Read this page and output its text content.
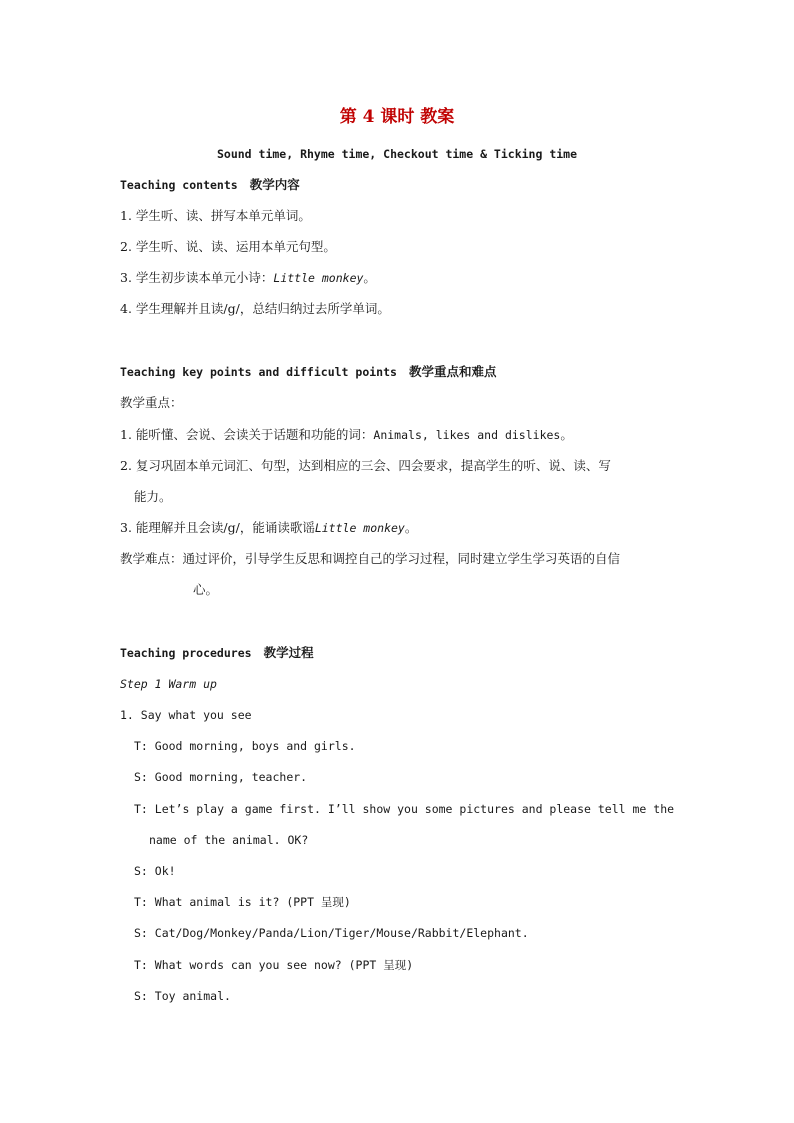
第 4 课时 教案
Sound time, Rhyme time, Checkout time & Ticking time
Teaching contents 教学内容
1. 学生听、读、拼写本单元单词。
2. 学生听、说、读、运用本单元句型。
3. 学生初步读本单元小诗：Little monkey。
4. 学生理解并且读/g/，总结归纳过去所学单词。
Teaching key points and difficult points 教学重点和难点
教学重点：
1. 能听懂、会说、会读关于话题和功能的词：Animals, likes and dislikes。
2. 复习巩固本单元词汇、句型，达到相应的三会、四会要求，提高学生的听、说、读、写
能力。
3. 能理解并且会读/g/，能诵读歌谣Little monkey。
教学难点：通过评价，引导学生反思和调控自己的学习过程，同时建立学生学习英语的自信
心。
Teaching procedures 教学过程
Step 1 Warm up
1. Say what you see
T: Good morning, boys and girls.
S: Good morning, teacher.
T: Let’s play a game first. I’ll show you some pictures and please tell me the
name of the animal. OK?
S: Ok!
T: What animal is it? (PPT 呈现)
S: Cat/Dog/Monkey/Panda/Lion/Tiger/Mouse/Rabbit/Elephant.
T: What words can you see now? (PPT 呈现)
S: Toy animal.
